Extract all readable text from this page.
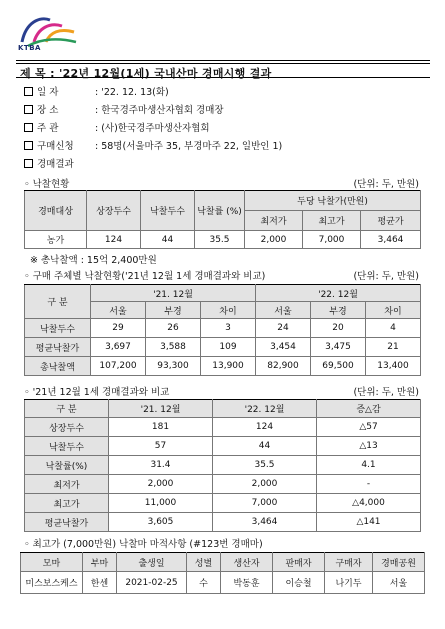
KTBA
제 목 : '22년 12월(1세) 국내산마 경매시행 결과
일 자	: '22. 12. 13(화)
장 소	: 한국경주마생산자협회 경매장
주 관	: (사)한국경주마생산자협회
구매신청 : 58명(서울마주 35, 부경마주 22, 일반인 1)
경매결과
◦ 낙찰현황	(단위: 두, 만원)
경매대상	상장두수	낙찰두수	낙찰률 (%)	두당 낙찰가(만원)		
				최저가	최고가	평균가
농가	124	44	35.5	2,000	7,000	3,464
※ 총낙찰액 : 15억 2,400만원
◦ 구매 주체별 낙찰현황('21년 12월 1세 경매결과와 비교)	(단위: 두, 만원)
구 분	'21. 12월			'22. 12월		
	서울	부경	차이	서울	부경	차이
낙찰두수	29	26	3	24	20	4
평균낙찰가	3,697	3,588	109	3,454	3,475	21
총낙찰액	107,200	93,300	13,900	82,900	69,500	13,400
◦ '21년 12월 1세 경매결과와 비교	(단위: 두, 만원)
구 분	'21. 12월	'22. 12월	증△감
상장두수	181	124	△57
낙찰두수	57	44	△13
낙찰률(%)	31.4	35.5	4.1
최저가	2,000	2,000	-
최고가	11,000	7,000	△4,000
평균낙찰가	3,605	3,464	△141
◦ 최고가 (7,000만원) 낙찰마 마적사항 (#123번 경매마)
모마	부마	출생일	성별	생산자	판매자	구매자	경매공원
미스보스케스	한센	2021-02-25	수	박동훈	이승철	나기두	서울
